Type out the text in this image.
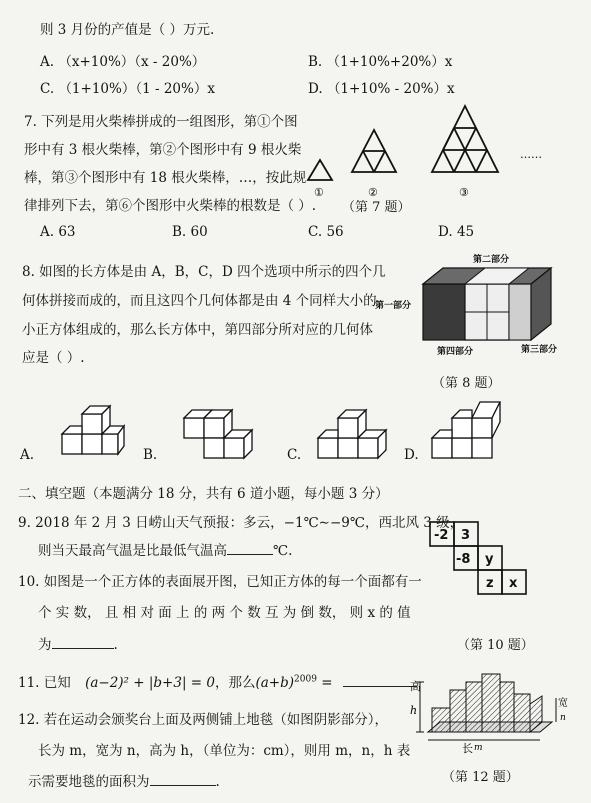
则 3 月份的产值是（ ）万元.
A. （x+10%）（x - 20%）	B. （1+10%+20%）x
C. （1+10%）（1 - 20%）x	D. （1+10% - 20%）x
7. 下列是用火柴棒拼成的一组图形，第①个图
形中有 3 根火柴棒，第②个图形中有 9 根火柴
棒，第③个图形中有 18 根火柴棒，…，按此规
律排列下去，第⑥个图形中火柴棒的根数是（ ）.
A. 63	B. 60	C. 56	D. 45
①	②	③
……
（第 7 题）
8. 如图的长方体是由 A，B，C，D 四个选项中所示的四个几
何体拼接而成的，而且这四个几何体都是由 4 个同样大小的
小正方体组成的，那么长方体中，第四部分所对应的几何体
应是（ ）.
第二部分
第一部分
第四部分	第三部分
（第 8 题）
A.	B.	C.	D.
二、填空题（本题满分 18 分，共有 6 道小题，每小题 3 分）
9. 2018 年 2 月 3 日崂山天气预报：多云，−1℃∼−9℃，西北风 3 级，
则当天最高气温是比最低气温高	℃.
10. 如图是一个正方体的表面展开图，已知正方体的每一个面都有一
个 实 数， 且 相 对 面 上 的 两 个 数 互 为 倒 数， 则 x 的 值
为	.
-2 3
-8 y
z x
（第 10 题）
11. 已知 (a−2)² + |b+3| = 0，那么$(a+b)^{2009}$ =
12. 若在运动会颁奖台上面及两侧铺上地毯（如图阴影部分），
长为 m，宽为 n，高为 h，（单位为：cm），则用 m，n，h 表
示需要地毯的面积为	.
高
h
长 m
宽
n
（第 12 题）
